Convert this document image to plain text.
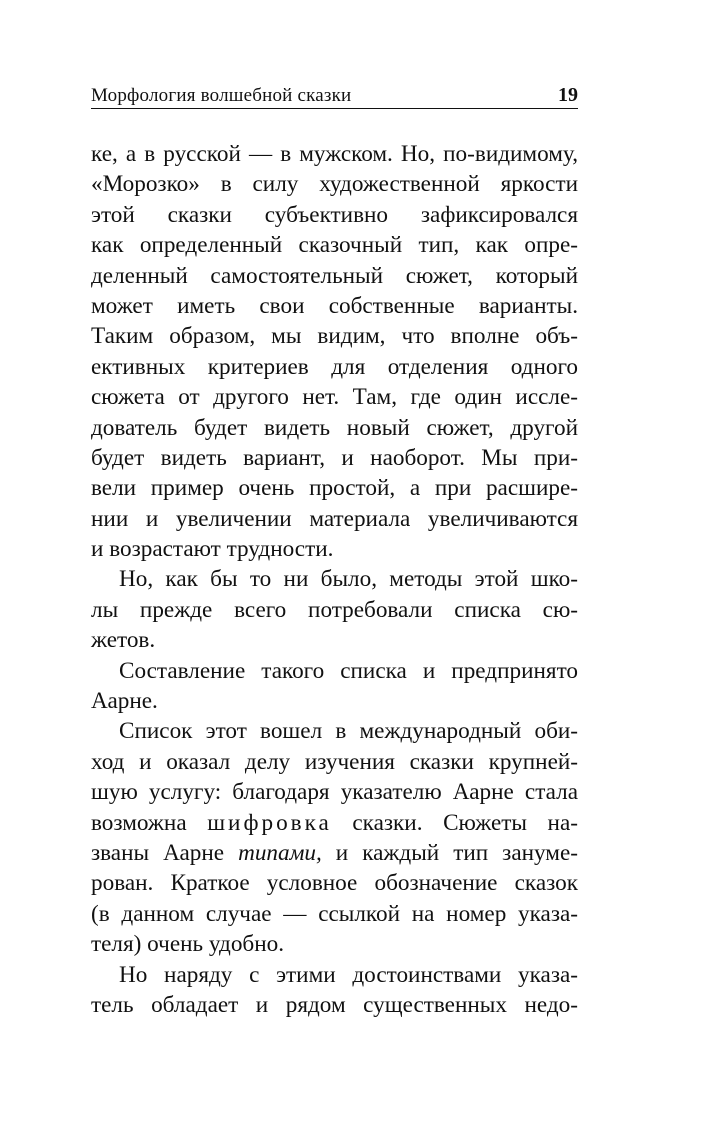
Морфология волшебной сказки	19
ке, а в русской — в мужском. Но, по-видимому,
«Морозко» в силу художественной яркости
этой сказки субъективно зафиксировался
как определенный сказочный тип, как опре-
деленный самостоятельный сюжет, который
может иметь свои собственные варианты.
Таким образом, мы видим, что вполне объ-
ективных критериев для отделения одного
сюжета от другого нет. Там, где один иссле-
дователь будет видеть новый сюжет, другой
будет видеть вариант, и наоборот. Мы при-
вели пример очень простой, а при расшире-
нии и увеличении материала увеличиваются
и возрастают трудности.
Но, как бы то ни было, методы этой шко-
лы прежде всего потребовали списка сю-
жетов.
Составление такого списка и предпринято
Аарне.
Список этот вошел в международный оби-
ход и оказал делу изучения сказки крупней-
шую услугу: благодаря указателю Аарне стала
возможна шифровка сказки. Сюжеты на-
званы Аарне типами, и каждый тип зануме-
рован. Краткое условное обозначение сказок
(в данном случае — ссылкой на номер указа-
теля) очень удобно.
Но наряду с этими достоинствами указа-
тель обладает и рядом существенных недо-
